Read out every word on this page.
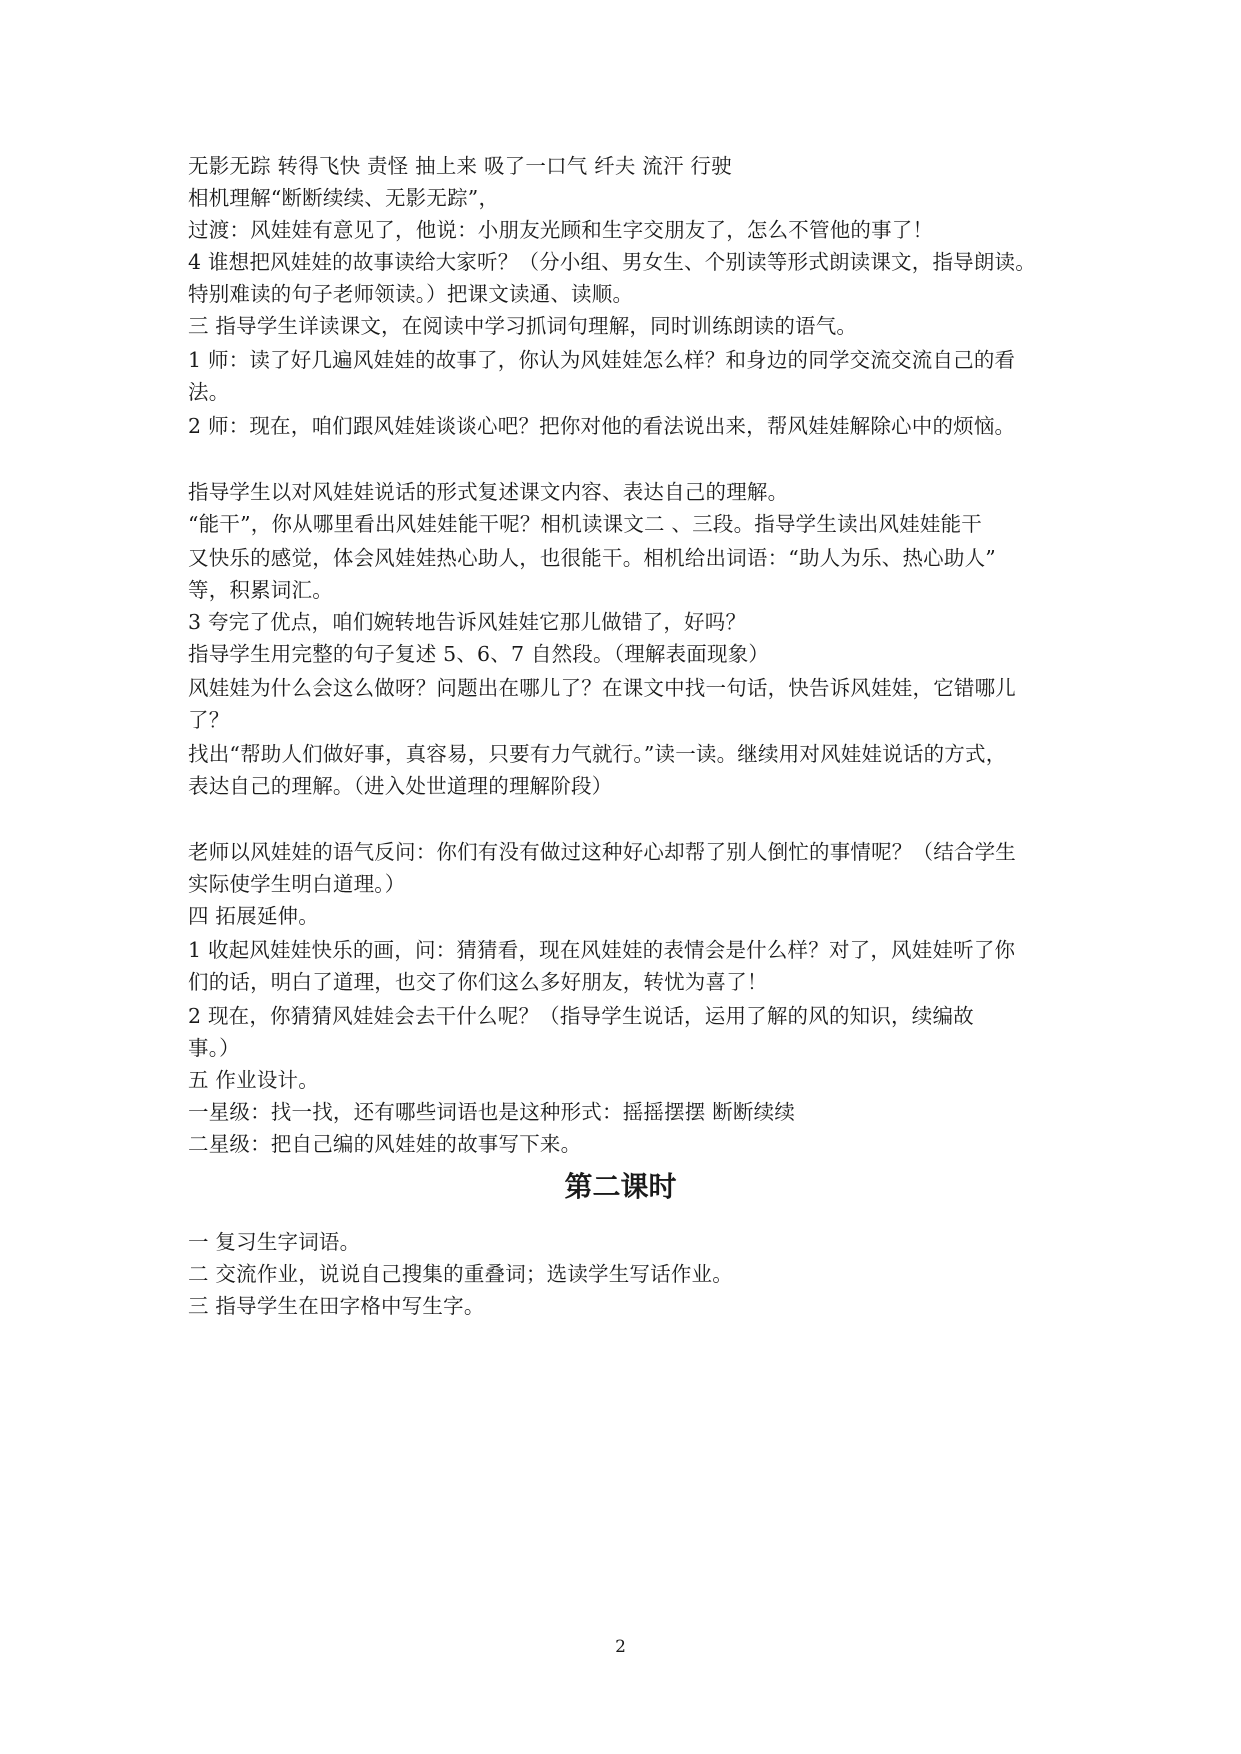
无影无踪 转得飞快 责怪 抽上来 吸了一口气 纤夫 流汗 行驶
相机理解“断断续续、无影无踪”，
过渡：风娃娃有意见了，他说：小朋友光顾和生字交朋友了，怎么不管他的事了！
4 谁想把风娃娃的故事读给大家听？（分小组、男女生、个别读等形式朗读课文，指导朗读。
特别难读的句子老师领读。）把课文读通、读顺。
三 指导学生详读课文，在阅读中学习抓词句理解，同时训练朗读的语气。
1 师：读了好几遍风娃娃的故事了，你认为风娃娃怎么样？和身边的同学交流交流自己的看
法。
2 师：现在，咱们跟风娃娃谈谈心吧？把你对他的看法说出来，帮风娃娃解除心中的烦恼。
指导学生以对风娃娃说话的形式复述课文内容、表达自己的理解。
“能干”，你从哪里看出风娃娃能干呢？相机读课文二 、三段。指导学生读出风娃娃能干
又快乐的感觉，体会风娃娃热心助人，也很能干。相机给出词语：“助人为乐、热心助人”
等，积累词汇。
3 夸完了优点，咱们婉转地告诉风娃娃它那儿做错了，好吗？
指导学生用完整的句子复述 5、6、7 自然段。（理解表面现象）
风娃娃为什么会这么做呀？问题出在哪儿了？在课文中找一句话，快告诉风娃娃，它错哪儿
了？
找出“帮助人们做好事，真容易，只要有力气就行。”读一读。继续用对风娃娃说话的方式，
表达自己的理解。（进入处世道理的理解阶段）
老师以风娃娃的语气反问：你们有没有做过这种好心却帮了别人倒忙的事情呢？（结合学生
实际使学生明白道理。）
四 拓展延伸。
1 收起风娃娃快乐的画，问：猜猜看，现在风娃娃的表情会是什么样？对了，风娃娃听了你
们的话，明白了道理，也交了你们这么多好朋友，转忧为喜了！
2 现在，你猜猜风娃娃会去干什么呢？（指导学生说话，运用了解的风的知识，续编故
事。）
五 作业设计。
一星级：找一找，还有哪些词语也是这种形式：摇摇摆摆 断断续续
二星级：把自己编的风娃娃的故事写下来。
第二课时
一 复习生字词语。
二 交流作业，说说自己搜集的重叠词；选读学生写话作业。
三 指导学生在田字格中写生字。
2
